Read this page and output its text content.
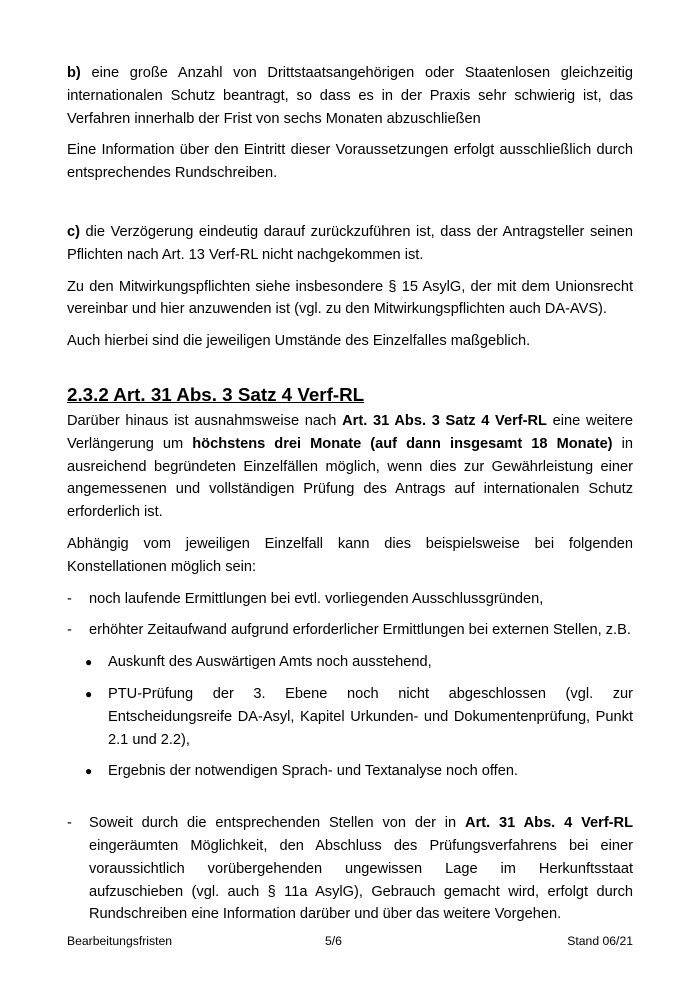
b) eine große Anzahl von Drittstaatsangehörigen oder Staatenlosen gleichzeitig internationalen Schutz beantragt, so dass es in der Praxis sehr schwierig ist, das Verfahren innerhalb der Frist von sechs Monaten abzuschließen

Eine Information über den Eintritt dieser Voraussetzungen erfolgt ausschließlich durch entsprechendes Rundschreiben.

c) die Verzögerung eindeutig darauf zurückzuführen ist, dass der Antragsteller seinen Pflichten nach Art. 13 Verf-RL nicht nachgekommen ist.

Zu den Mitwirkungspflichten siehe insbesondere § 15 AsylG, der mit dem Unionsrecht vereinbar und hier anzuwenden ist (vgl. zu den Mitwirkungspflichten auch DA-AVS).

Auch hierbei sind die jeweiligen Umstände des Einzelfalles maßgeblich.

2.3.2 Art. 31 Abs. 3 Satz 4 Verf-RL

Darüber hinaus ist ausnahmsweise nach Art. 31 Abs. 3 Satz 4 Verf-RL eine weitere Verlängerung um höchstens drei Monate (auf dann insgesamt 18 Monate) in ausreichend begründeten Einzelfällen möglich, wenn dies zur Gewährleistung einer angemessenen und vollständigen Prüfung des Antrags auf internationalen Schutz erforderlich ist.

Abhängig vom jeweiligen Einzelfall kann dies beispielsweise bei folgenden Konstellationen möglich sein:

- noch laufende Ermittlungen bei evtl. vorliegenden Ausschlussgründen,
- erhöhter Zeitaufwand aufgrund erforderlicher Ermittlungen bei externen Stellen, z.B.
● Auskunft des Auswärtigen Amts noch ausstehend,
● PTU-Prüfung der 3. Ebene noch nicht abgeschlossen (vgl. zur Entscheidungsreife DA-Asyl, Kapitel Urkunden- und Dokumentenprüfung, Punkt 2.1 und 2.2),
● Ergebnis der notwendigen Sprach- und Textanalyse noch offen.
- Soweit durch die entsprechenden Stellen von der in Art. 31 Abs. 4 Verf-RL eingeräumten Möglichkeit, den Abschluss des Prüfungsverfahrens bei einer voraussichtlich vorübergehenden ungewissen Lage im Herkunftsstaat aufzuschieben (vgl. auch § 11a AsylG), Gebrauch gemacht wird, erfolgt durch Rundschreiben eine Information darüber und über das weitere Vorgehen.
Bearbeitungsfristen	5/6	Stand 06/21
